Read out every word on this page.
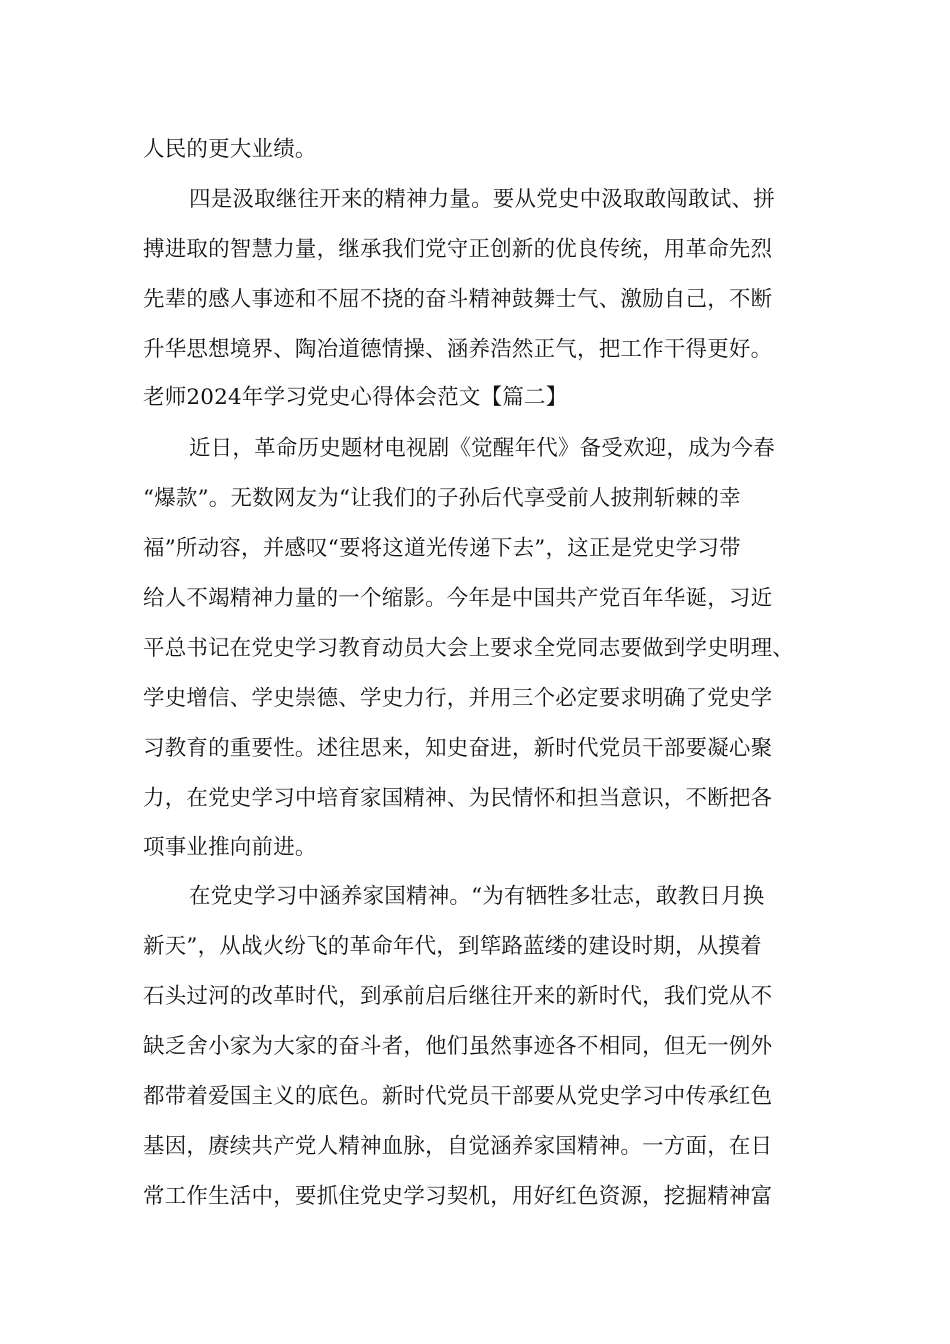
人民的更大业绩。
四是汲取继往开来的精神力量。要从党史中汲取敢闯敢试、拼
搏进取的智慧力量，继承我们党守正创新的优良传统，用革命先烈
先辈的感人事迹和不屈不挠的奋斗精神鼓舞士气、激励自己，不断
升华思想境界、陶冶道德情操、涵养浩然正气，把工作干得更好。
老师2024年学习党史心得体会范文【篇二】
近日，革命历史题材电视剧《觉醒年代》备受欢迎，成为今春
“爆款”。无数网友为“让我们的子孙后代享受前人披荆斩棘的幸
福”所动容，并感叹“要将这道光传递下去”，这正是党史学习带
给人不竭精神力量的一个缩影。今年是中国共产党百年华诞，习近
平总书记在党史学习教育动员大会上要求全党同志要做到学史明理、
学史增信、学史崇德、学史力行，并用三个必定要求明确了党史学
习教育的重要性。述往思来，知史奋进，新时代党员干部要凝心聚
力，在党史学习中培育家国精神、为民情怀和担当意识，不断把各
项事业推向前进。
在党史学习中涵养家国精神。“为有牺牲多壮志，敢教日月换
新天”，从战火纷飞的革命年代，到筚路蓝缕的建设时期，从摸着
石头过河的改革时代，到承前启后继往开来的新时代，我们党从不
缺乏舍小家为大家的奋斗者，他们虽然事迹各不相同，但无一例外
都带着爱国主义的底色。新时代党员干部要从党史学习中传承红色
基因，赓续共产党人精神血脉，自觉涵养家国精神。一方面，在日
常工作生活中，要抓住党史学习契机，用好红色资源，挖掘精神富
